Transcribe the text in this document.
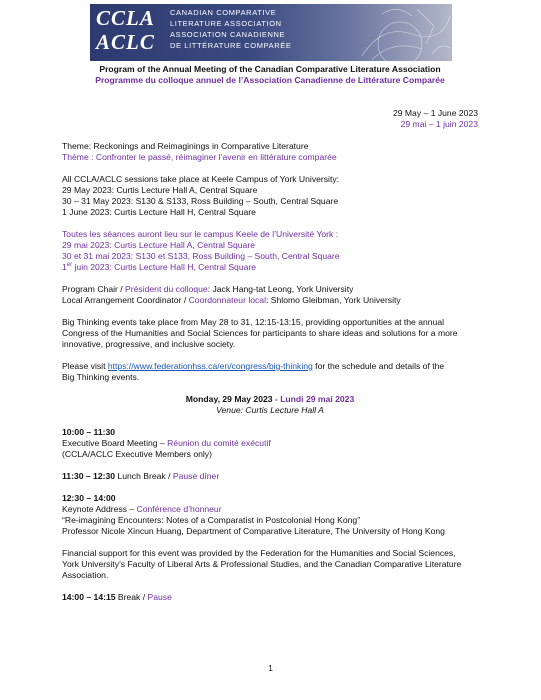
CCLA
ACLC
CANADIAN COMPARATIVE
LITERATURE ASSOCIATION
ASSOCIATION CANADIENNE
DE LITTÉRATURE COMPARÉE
Program of the Annual Meeting of the Canadian Comparative Literature Association
Programme du colloque annuel de l’Association Canadienne de Littérature Comparée
29 May – 1 June 2023
29 mai – 1 juin 2023
Theme: Reckonings and Reimaginings in Comparative Literature
Thème : Confronter le passé, réimaginer l’avenir en littérature comparée
All CCLA/ACLC sessions take place at Keele Campus of York University:
29 May 2023: Curtis Lecture Hall A, Central Square
30 – 31 May 2023: S130 & S133, Ross Building – South, Central Square
1 June 2023: Curtis Lecture Hall H, Central Square
Toutes les séances auront lieu sur le campus Keele de l’Université York :
29 mai 2023: Curtis Lecture Hall A, Central Square
30 et 31 mai 2023: S130 et S133, Ross Building – South, Central Square
1er juin 2023: Curtis Lecture Hall H, Central Square
Program Chair / Président du colloque: Jack Hang-tat Leong, York University
Local Arrangement Coordinator / Coordonnateur local: Shlomo Gleibman, York University
Big Thinking events take place from May 28 to 31, 12:15-13:15, providing opportunities at the annual
Congress of the Humanities and Social Sciences for participants to share ideas and solutions for a more
innovative, progressive, and inclusive society.
Please visit https://www.federationhss.ca/en/congress/big-thinking for the schedule and details of the
Big Thinking events.
Monday, 29 May 2023 - Lundi 29 mai 2023
Venue: Curtis Lecture Hall A
10:00 – 11:30
Executive Board Meeting – Réunion du comité exécutif
(CCLA/ACLC Executive Members only)
11:30 – 12:30 Lunch Break / Pause dîner
12:30 – 14:00
Keynote Address – Conférence d’honneur
“Re-imagining Encounters: Notes of a Comparatist in Postcolonial Hong Kong”
Professor Nicole Xincun Huang, Department of Comparative Literature, The University of Hong Kong
Financial support for this event was provided by the Federation for the Humanities and Social Sciences,
York University’s Faculty of Liberal Arts & Professional Studies, and the Canadian Comparative Literature
Association.
14:00 – 14:15 Break / Pause
1
